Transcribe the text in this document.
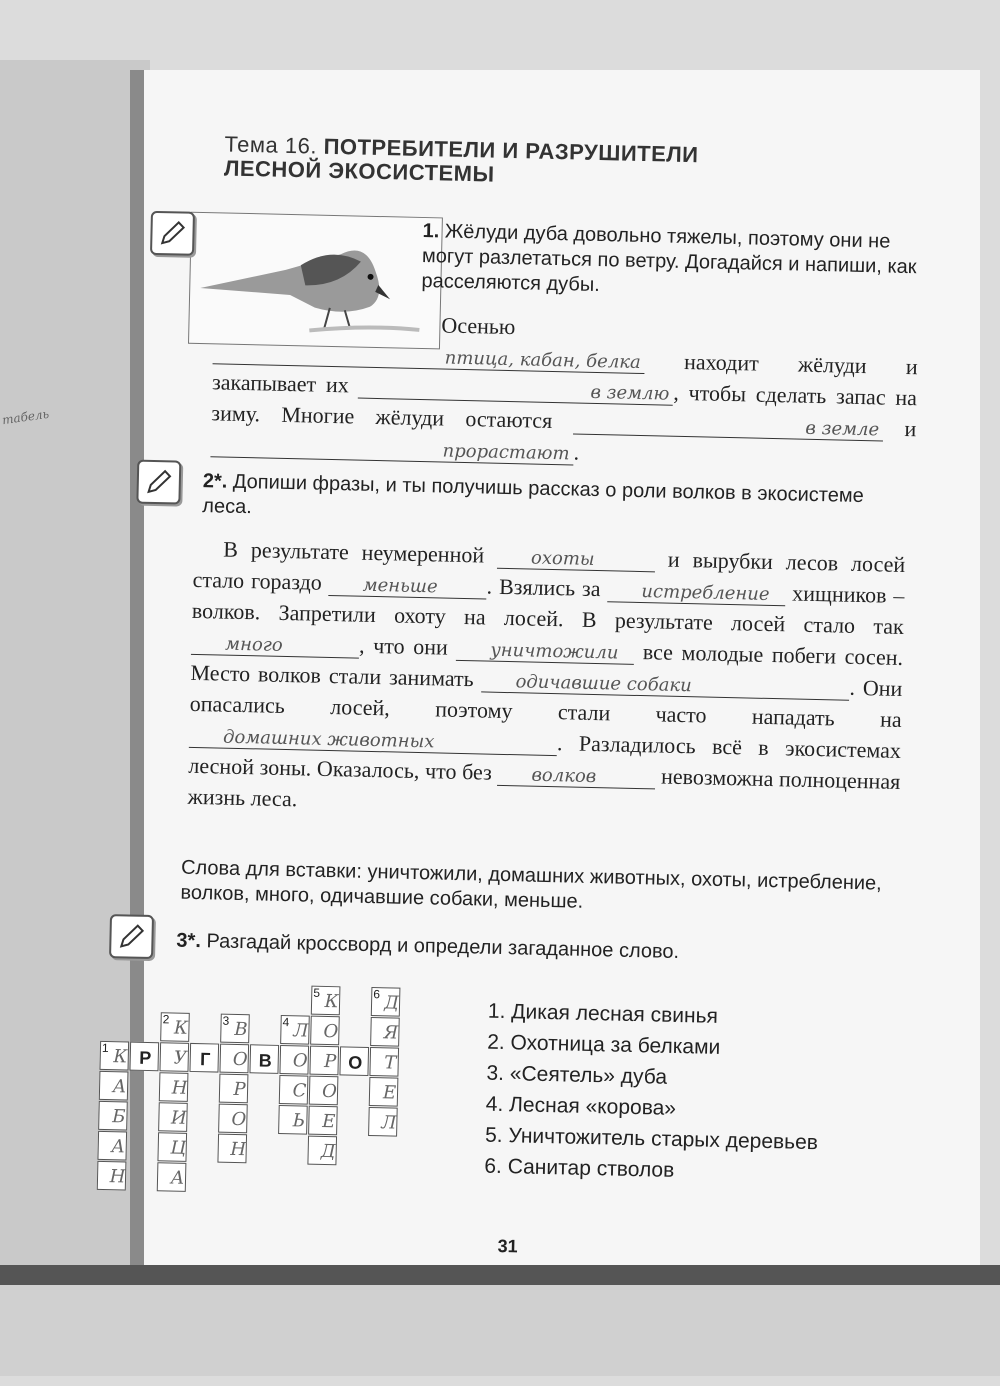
табель
Тема 16. ПОТРЕБИТЕЛИ И РАЗРУШИТЕЛИ
ЛЕСНОЙ ЭКОСИСТЕМЫ
1. Жёлуди дуба довольно тяжелы, поэтому они не могут разлетаться по ветру. Догадайся и напиши, как расселяются дубы.
Осенью птица, кабан, белка находит жёлуди и закапывает их	в землю , чтобы сделать запас на зиму. Многие жёлуди остаются	в земле и прорастают .
2*. Допиши фразы, и ты получишь рассказ о роли волков в экосистеме леса.
В результате неумеренной	охоты	и вырубки лесов лосей стало гораздо меньше . Взялись за истребление хищников – волков. Запретили охоту на лосей. В результате лосей стало так много	, что они уничтожили все молодые побеги сосен. Место волков стали занимать одичавшие собаки	. Они опасались лосей, поэтому стали часто нападать на домашних животных	. Разладилось всё в экосистемах лесной зоны. Оказалось, что без волков	невозможна полноценная жизнь леса.
Слова для вставки: уничтожили, домашних животных, охоты, истребление, волков, много, одичавшие собаки, меньше.
3*. Разгадай кроссворд и определи загаданное слово.
К
1 Р У Г О В О Р О Т
А
Б
А
Н
К
2
Н
И
Ц
А
В
3
Р
О
Н
Л
4
С
Ь
К
5
О
О
Е
Д
Д
6
Я
Е
Л
1. Дикая лесная свинья
2. Охотница за белками
3. «Сеятель» дуба
4. Лесная «корова»
5. Уничтожитель старых деревьев
6. Санитар стволов
31
